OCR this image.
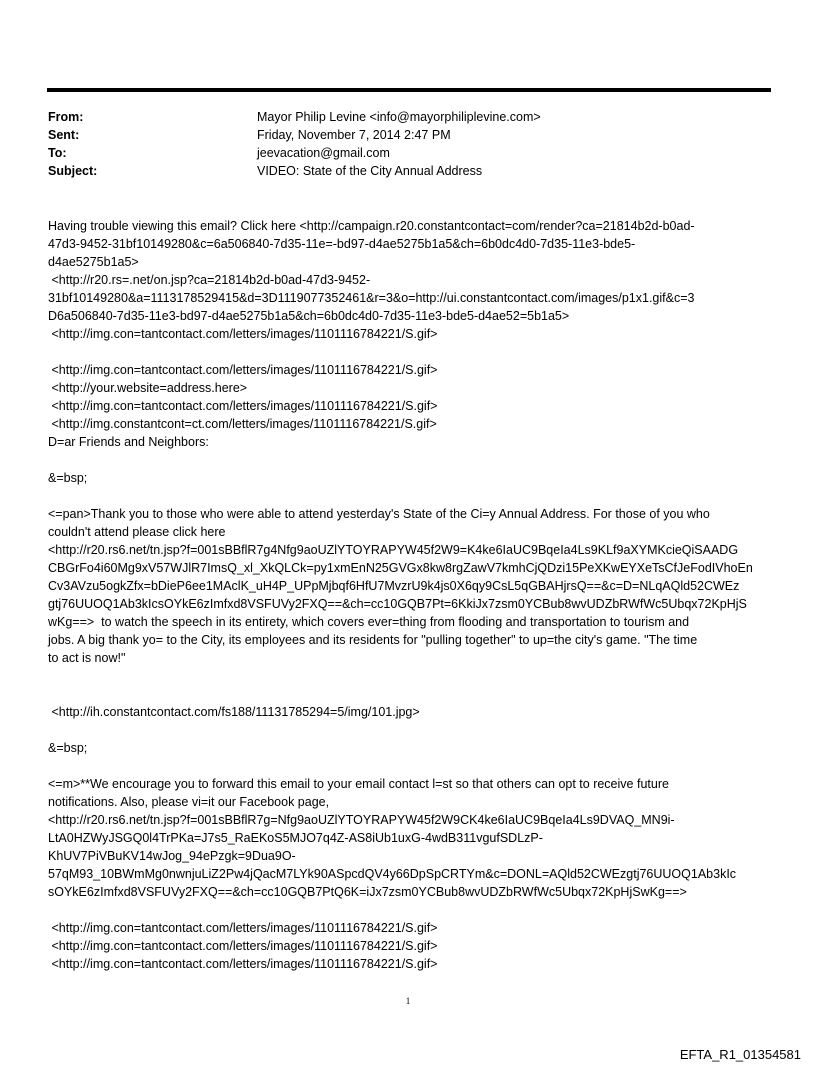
From:	Mayor Philip Levine <info@mayorphiliplevine.com>
Sent:	Friday, November 7, 2014 2:47 PM
To:	jeevacation@gmail.com
Subject:	VIDEO: State of the City Annual Address
Having trouble viewing this email? Click here <http://campaign.r20.constantcontact=com/render?ca=21814b2d-b0ad-
47d3-9452-31bf10149280&c=6a506840-7d35-11e=-bd97-d4ae5275b1a5&ch=6b0dc4d0-7d35-11e3-bde5-
d4ae5275b1a5>
<http://r20.rs=.net/on.jsp?ca=21814b2d-b0ad-47d3-9452-
31bf10149280&a=1113178529415&d=3D1119077352461&r=3&o=http://ui.constantcontact.com/images/p1x1.gif&c=3
D6a506840-7d35-11e3-bd97-d4ae5275b1a5&ch=6b0dc4d0-7d35-11e3-bde5-d4ae52=5b1a5>
<http://img.con=tantcontact.com/letters/images/1101116784221/S.gif>
<http://img.con=tantcontact.com/letters/images/1101116784221/S.gif>
<http://your.website=address.here>
<http://img.con=tantcontact.com/letters/images/1101116784221/S.gif>
<http://img.constantcont=ct.com/letters/images/1101116784221/S.gif>
D=ar Friends and Neighbors:
&=bsp;
<=pan>Thank you to those who were able to attend yesterday's State of the Ci=y Annual Address. For those of you who
couldn't attend please click here
<http://r20.rs6.net/tn.jsp?f=001sBBflR7g4Nfg9aoUZlYTOYRAPYW45f2W9=K4ke6IaUC9BqeIa4Ls9KLf9aXYMKcieQiSAADG
CBGrFo4i60Mg9xV57WJlR7ImsQ_xl_XkQLCk=py1xmEnN25GVGx8kw8rgZawV7kmhCjQDzi15PeXKwEYXeTsCfJeFodIVhoEn
Cv3AVzu5ogkZfx=bDieP6ee1MAclK_uH4P_UPpMjbqf6HfU7MvzrU9k4js0X6qy9CsL5qGBAHjrsQ==&c=D=NLqAQld52CWEz
gtj76UUOQ1Ab3kIcsOYkE6zImfxd8VSFUVy2FXQ==&ch=cc10GQB7Pt=6KkiJx7zsm0YCBub8wvUDZbRWfWc5Ubqx72KpHjS
wKg==>  to watch the speech in its entirety, which covers ever=thing from flooding and transportation to tourism and
jobs. A big thank yo= to the City, its employees and its residents for "pulling together" to up=the city's game. "The time
to act is now!"
<http://ih.constantcontact.com/fs188/11131785294=5/img/101.jpg>
&=bsp;
<=m>**We encourage you to forward this email to your email contact l=st so that others can opt to receive future
notifications. Also, please vi=it our Facebook page,
<http://r20.rs6.net/tn.jsp?f=001sBBflR7g=Nfg9aoUZlYTOYRAPYW45f2W9CK4ke6IaUC9BqeIa4Ls9DVAQ_MN9i-
LtA0HZWyJSGQ0l4TrPKa=J7s5_RaEKoS5MJO7q4Z-AS8iUb1uxG-4wdB311vgufSDLzP-
KhUV7PiVBuKV14wJog_94ePzgk=9Dua9O-
57qM93_10BWmMg0nwnjuLiZ2Pw4jQacM7LYk90ASpcdQV4y66DpSpCRTYm&c=DONL=AQld52CWEzgtj76UUOQ1Ab3kIc
sOYkE6zImfxd8VSFUVy2FXQ==&ch=cc10GQB7PtQ6K=iJx7zsm0YCBub8wvUDZbRWfWc5Ubqx72KpHjSwKg==>
<http://img.con=tantcontact.com/letters/images/1101116784221/S.gif>
<http://img.con=tantcontact.com/letters/images/1101116784221/S.gif>
<http://img.con=tantcontact.com/letters/images/1101116784221/S.gif>
1
EFTA_R1_01354581
